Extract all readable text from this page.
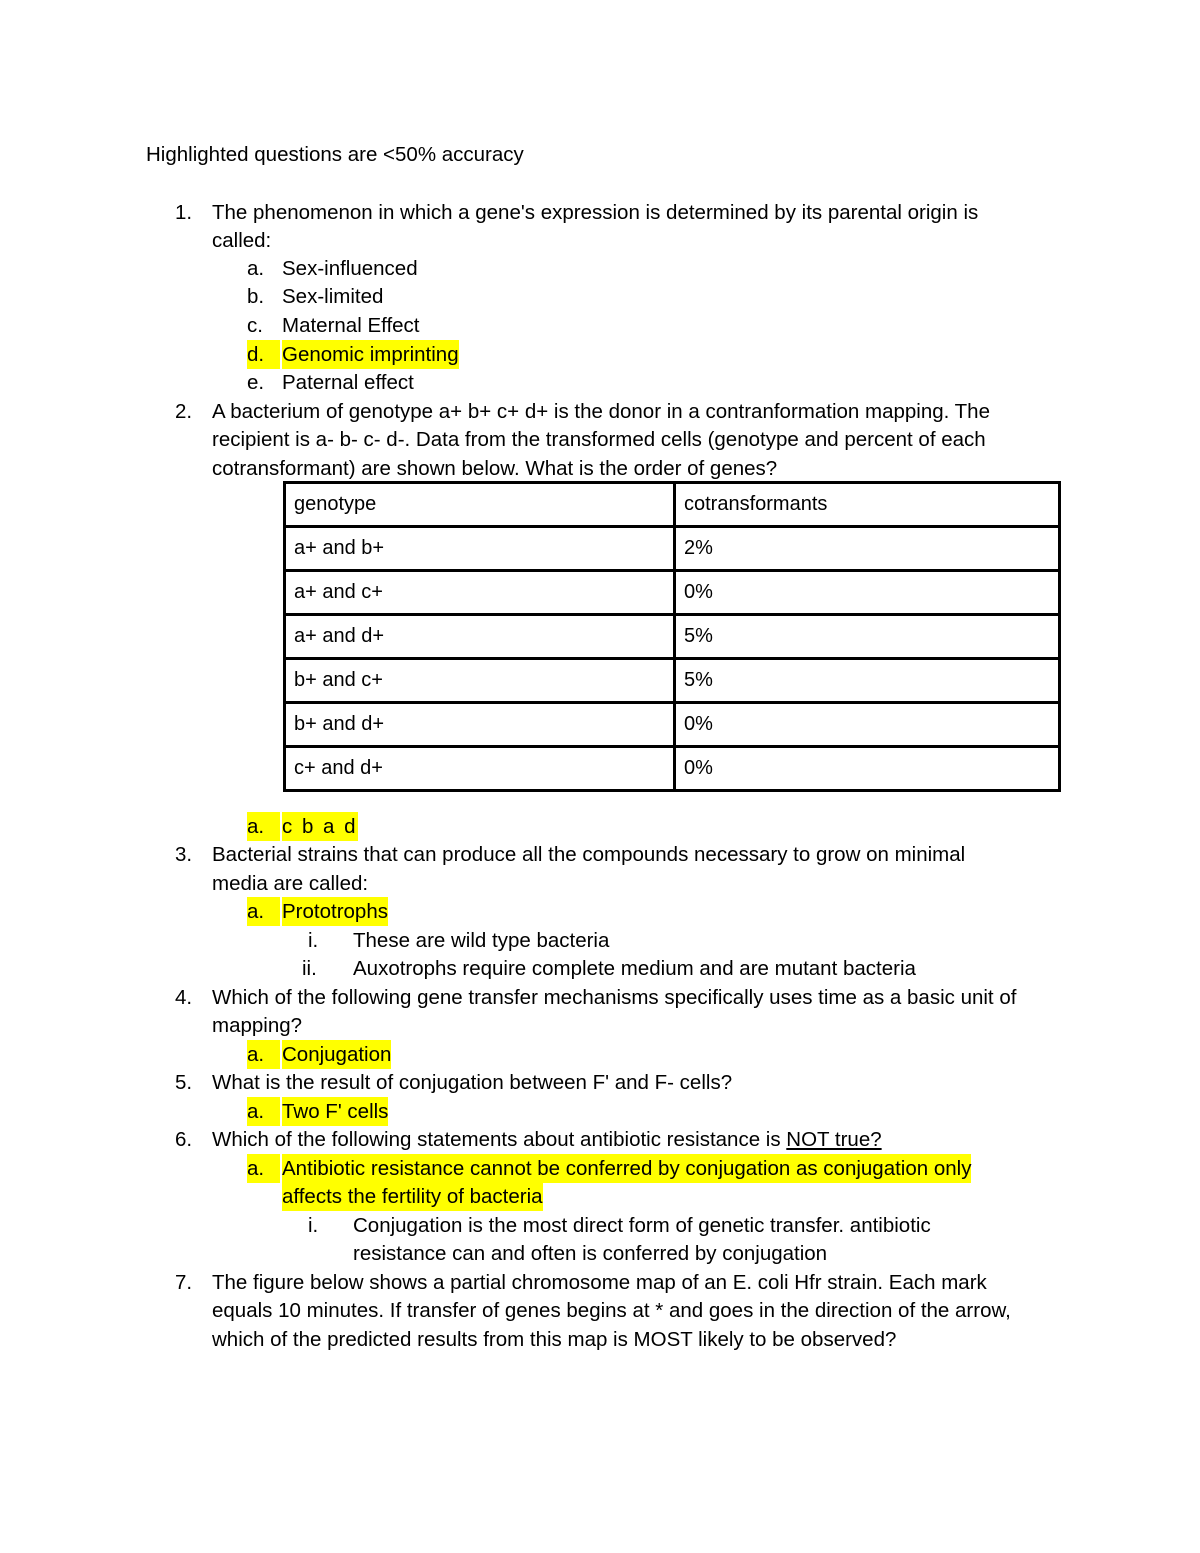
Highlighted questions are <50% accuracy
1. The phenomenon in which a gene's expression is determined by its parental origin is
called:
a. Sex-influenced
b. Sex-limited
c. Maternal Effect
d. Genomic imprinting
e. Paternal effect
2. A bacterium of genotype a+ b+ c+ d+ is the donor in a contranformation mapping. The
recipient is a- b- c- d-. Data from the transformed cells (genotype and percent of each
cotransformant) are shown below. What is the order of genes?
genotype	cotransformants
a+ and b+	2%
a+ and c+	0%
a+ and d+	5%
b+ and c+	5%
b+ and d+	0%
c+ and d+	0%
a. c b a d
3. Bacterial strains that can produce all the compounds necessary to grow on minimal
media are called:
a. Prototrophs
i. These are wild type bacteria
ii. Auxotrophs require complete medium and are mutant bacteria
4. Which of the following gene transfer mechanisms specifically uses time as a basic unit of
mapping?
a. Conjugation
5. What is the result of conjugation between F' and F- cells?
a. Two F' cells
6. Which of the following statements about antibiotic resistance is NOT true?
a. Antibiotic resistance cannot be conferred by conjugation as conjugation only
affects the fertility of bacteria
i. Conjugation is the most direct form of genetic transfer. antibiotic
resistance can and often is conferred by conjugation
7. The figure below shows a partial chromosome map of an E. coli Hfr strain. Each mark
equals 10 minutes. If transfer of genes begins at * and goes in the direction of the arrow,
which of the predicted results from this map is MOST likely to be observed?
